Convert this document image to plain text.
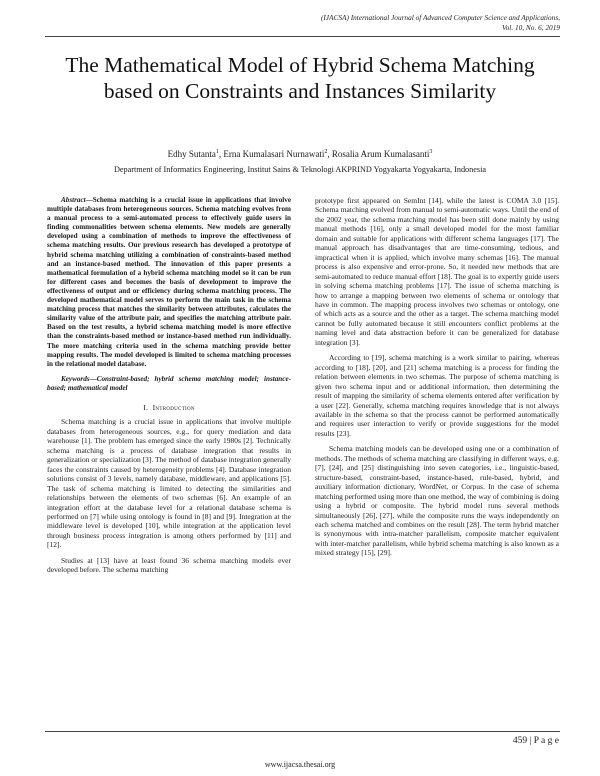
(IJACSA) International Journal of Advanced Computer Science and Applications,
Vol. 10, No. 6, 2019
The Mathematical Model of Hybrid Schema Matching based on Constraints and Instances Similarity
Edhy Sutanta$^1$, Erna Kumalasari Nurnawati$^2$, Rosalia Arum Kumalasanti$^3$
Department of Informatics Engineering, Institut Sains & Teknologi AKPRIND Yogyakarta Yogyakarta, Indonesia

Abstract—Schema matching is a crucial issue in applications that involve multiple databases from heterogeneous sources. Schema matching evolves from a manual process to a semi-automated process to effectively guide users in finding commonalities between schema elements. New models are generally developed using a combination of methods to improve the effectiveness of schema matching results. Our previous research has developed a prototype of hybrid schema matching utilizing a combination of constraints-based method and an instance-based method. The innovation of this paper presents a mathematical formulation of a hybrid schema matching model so it can be run for different cases and becomes the basis of development to improve the effectiveness of output and or efficiency during schema matching process. The developed mathematical model serves to perform the main task in the schema matching process that matches the similarity between attributes, calculates the similarity value of the attribute pair, and specifies the matching attribute pair. Based on the test results, a hybrid schema matching model is more effective than the constraints-based method or instance-based method run individually. The more matching criteria used in the schema matching provide better mapping results. The model developed is limited to schema matching processes in the relational model database.

Keywords—Constraint-based; hybrid schema matching model; instance-based; mathematical model

I. Introduction

Schema matching is a crucial issue in applications that involve multiple databases from heterogeneous sources, e.g., for query mediation and data warehouse [1]. The problem has emerged since the early 1980s [2]. Technically schema matching is a process of database integration that results in generalization or specialization [3]. The method of database integration generally faces the constraints caused by heterogeneity problems [4]. Database integration solutions consist of 3 levels, namely database, middleware, and applications [5]. The task of schema matching is limited to detecting the similarities and relationships between the elements of two schemas [6]. An example of an integration effort at the database level for a relational database schema is performed on [7] while using ontology is found in [8] and [9]. Integration at the middleware level is developed [10], while integration at the application level through business process integration is among others performed by [11] and [12].

Studies at [13] have at least found 36 schema matching models ever developed before. The schema matching

prototype first appeared on SemInt [14], while the latest is COMA 3.0 [15]. Schema matching evolved from manual to semi-automatic ways. Until the end of the 2002 year, the schema matching model has been still done mainly by using manual methods [16], only a small developed model for the most familiar domain and suitable for applications with different schema languages [17]. The manual approach has disadvantages that are time-consuming, tedious, and impractical when it is applied, which involve many schemas [16]. The manual process is also expensive and error-prone. So, it needed new methods that are semi-automated to reduce manual effort [18]. The goal is to expertly guide users in solving schema matching problems [17]. The issue of schema matching is how to arrange a mapping between two elements of schema or ontology that have in common. The mapping process involves two schemas or ontology, one of which acts as a source and the other as a target. The schema matching model cannot be fully automated because it still encounters conflict problems at the naming level and data abstraction before it can be generalized for database integration [3].

According to [19], schema matching is a work similar to pairing, whereas according to [18], [20], and [21] schema matching is a process for finding the relation between elements in two schemas. The purpose of schema matching is given two schema input and or additional information, then determining the result of mapping the similarity of schema elements entered after verification by a user [22]. Generally, schema matching requires knowledge that is not always available in the schema so that the process cannot be performed automatically and requires user interaction to verify or provide suggestions for the model results [23].

Schema matching models can be developed using one or a combination of methods. The methods of schema matching are classifying in different ways, e.g. [7], [24], and [25] distinguishing into seven categories, i.e., linguistic-based, structure-based, constraint-based, instance-based, rule-based, hybrid, and auxiliary information dictionary, WordNet, or Corpus. In the case of schema matching performed using more than one method, the way of combining is doing using a hybrid or composite. The hybrid model runs several methods simultaneously [26], [27], while the composite runs the ways independently on each schema matched and combines on the result [28]. The term hybrid matcher is synonymous with intra-matcher parallelism, composite matcher equivalent with inter-matcher parallelism, while hybrid schema matching is also known as a mixed strategy [15], [29].

459 | P a g e
www.ijacsa.thesai.org
